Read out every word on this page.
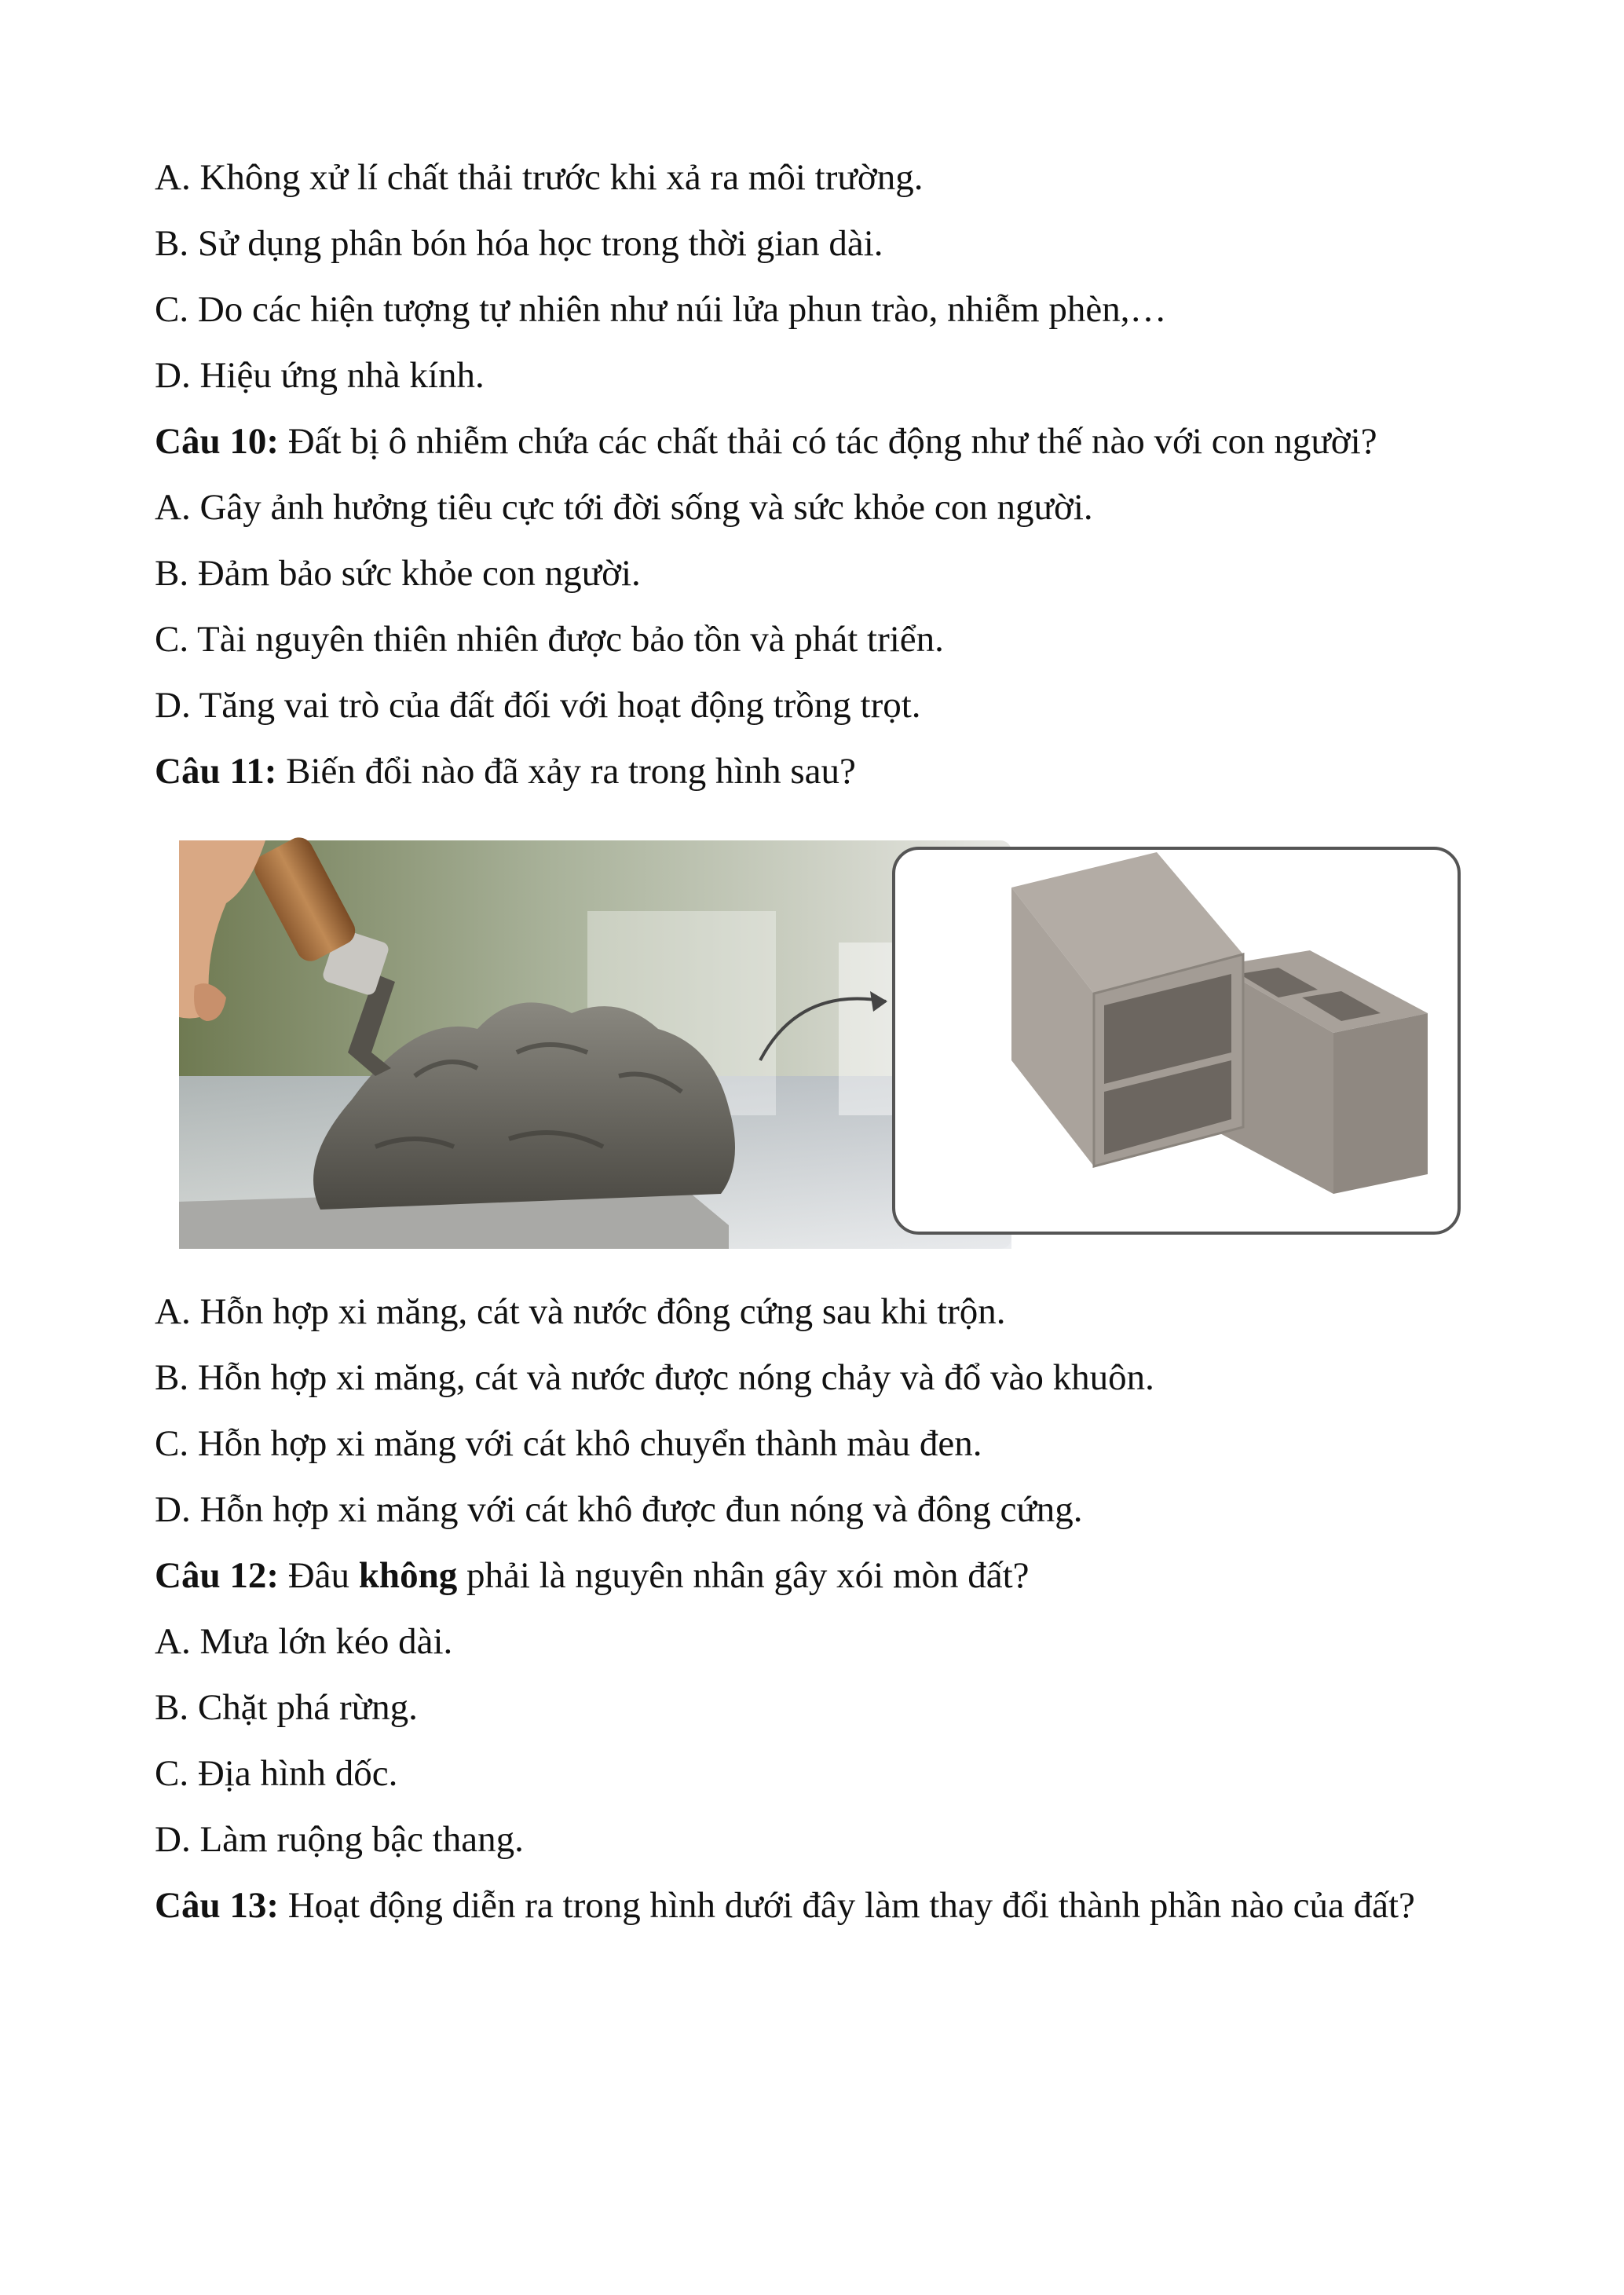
A. Không xử lí chất thải trước khi xả ra môi trường.
B. Sử dụng phân bón hóa học trong thời gian dài.
C. Do các hiện tượng tự nhiên như núi lửa phun trào, nhiễm phèn,…
D. Hiệu ứng nhà kính.
Câu 10: Đất bị ô nhiễm chứa các chất thải có tác động như thế nào với con người?
A. Gây ảnh hưởng tiêu cực tới đời sống và sức khỏe con người.
B. Đảm bảo sức khỏe con người.
C. Tài nguyên thiên nhiên được bảo tồn và phát triển.
D. Tăng vai trò của đất đối với hoạt động trồng trọt.
Câu 11: Biến đổi nào đã xảy ra trong hình sau?
A. Hỗn hợp xi măng, cát và nước đông cứng sau khi trộn.
B. Hỗn hợp xi măng, cát và nước được nóng chảy và đổ vào khuôn.
C. Hỗn hợp xi măng với cát khô chuyển thành màu đen.
D. Hỗn hợp xi măng với cát khô được đun nóng và đông cứng.
Câu 12: Đâu không phải là nguyên nhân gây xói mòn đất?
A. Mưa lớn kéo dài.
B. Chặt phá rừng.
C. Địa hình dốc.
D. Làm ruộng bậc thang.
Câu 13: Hoạt động diễn ra trong hình dưới đây làm thay đổi thành phần nào của đất?
